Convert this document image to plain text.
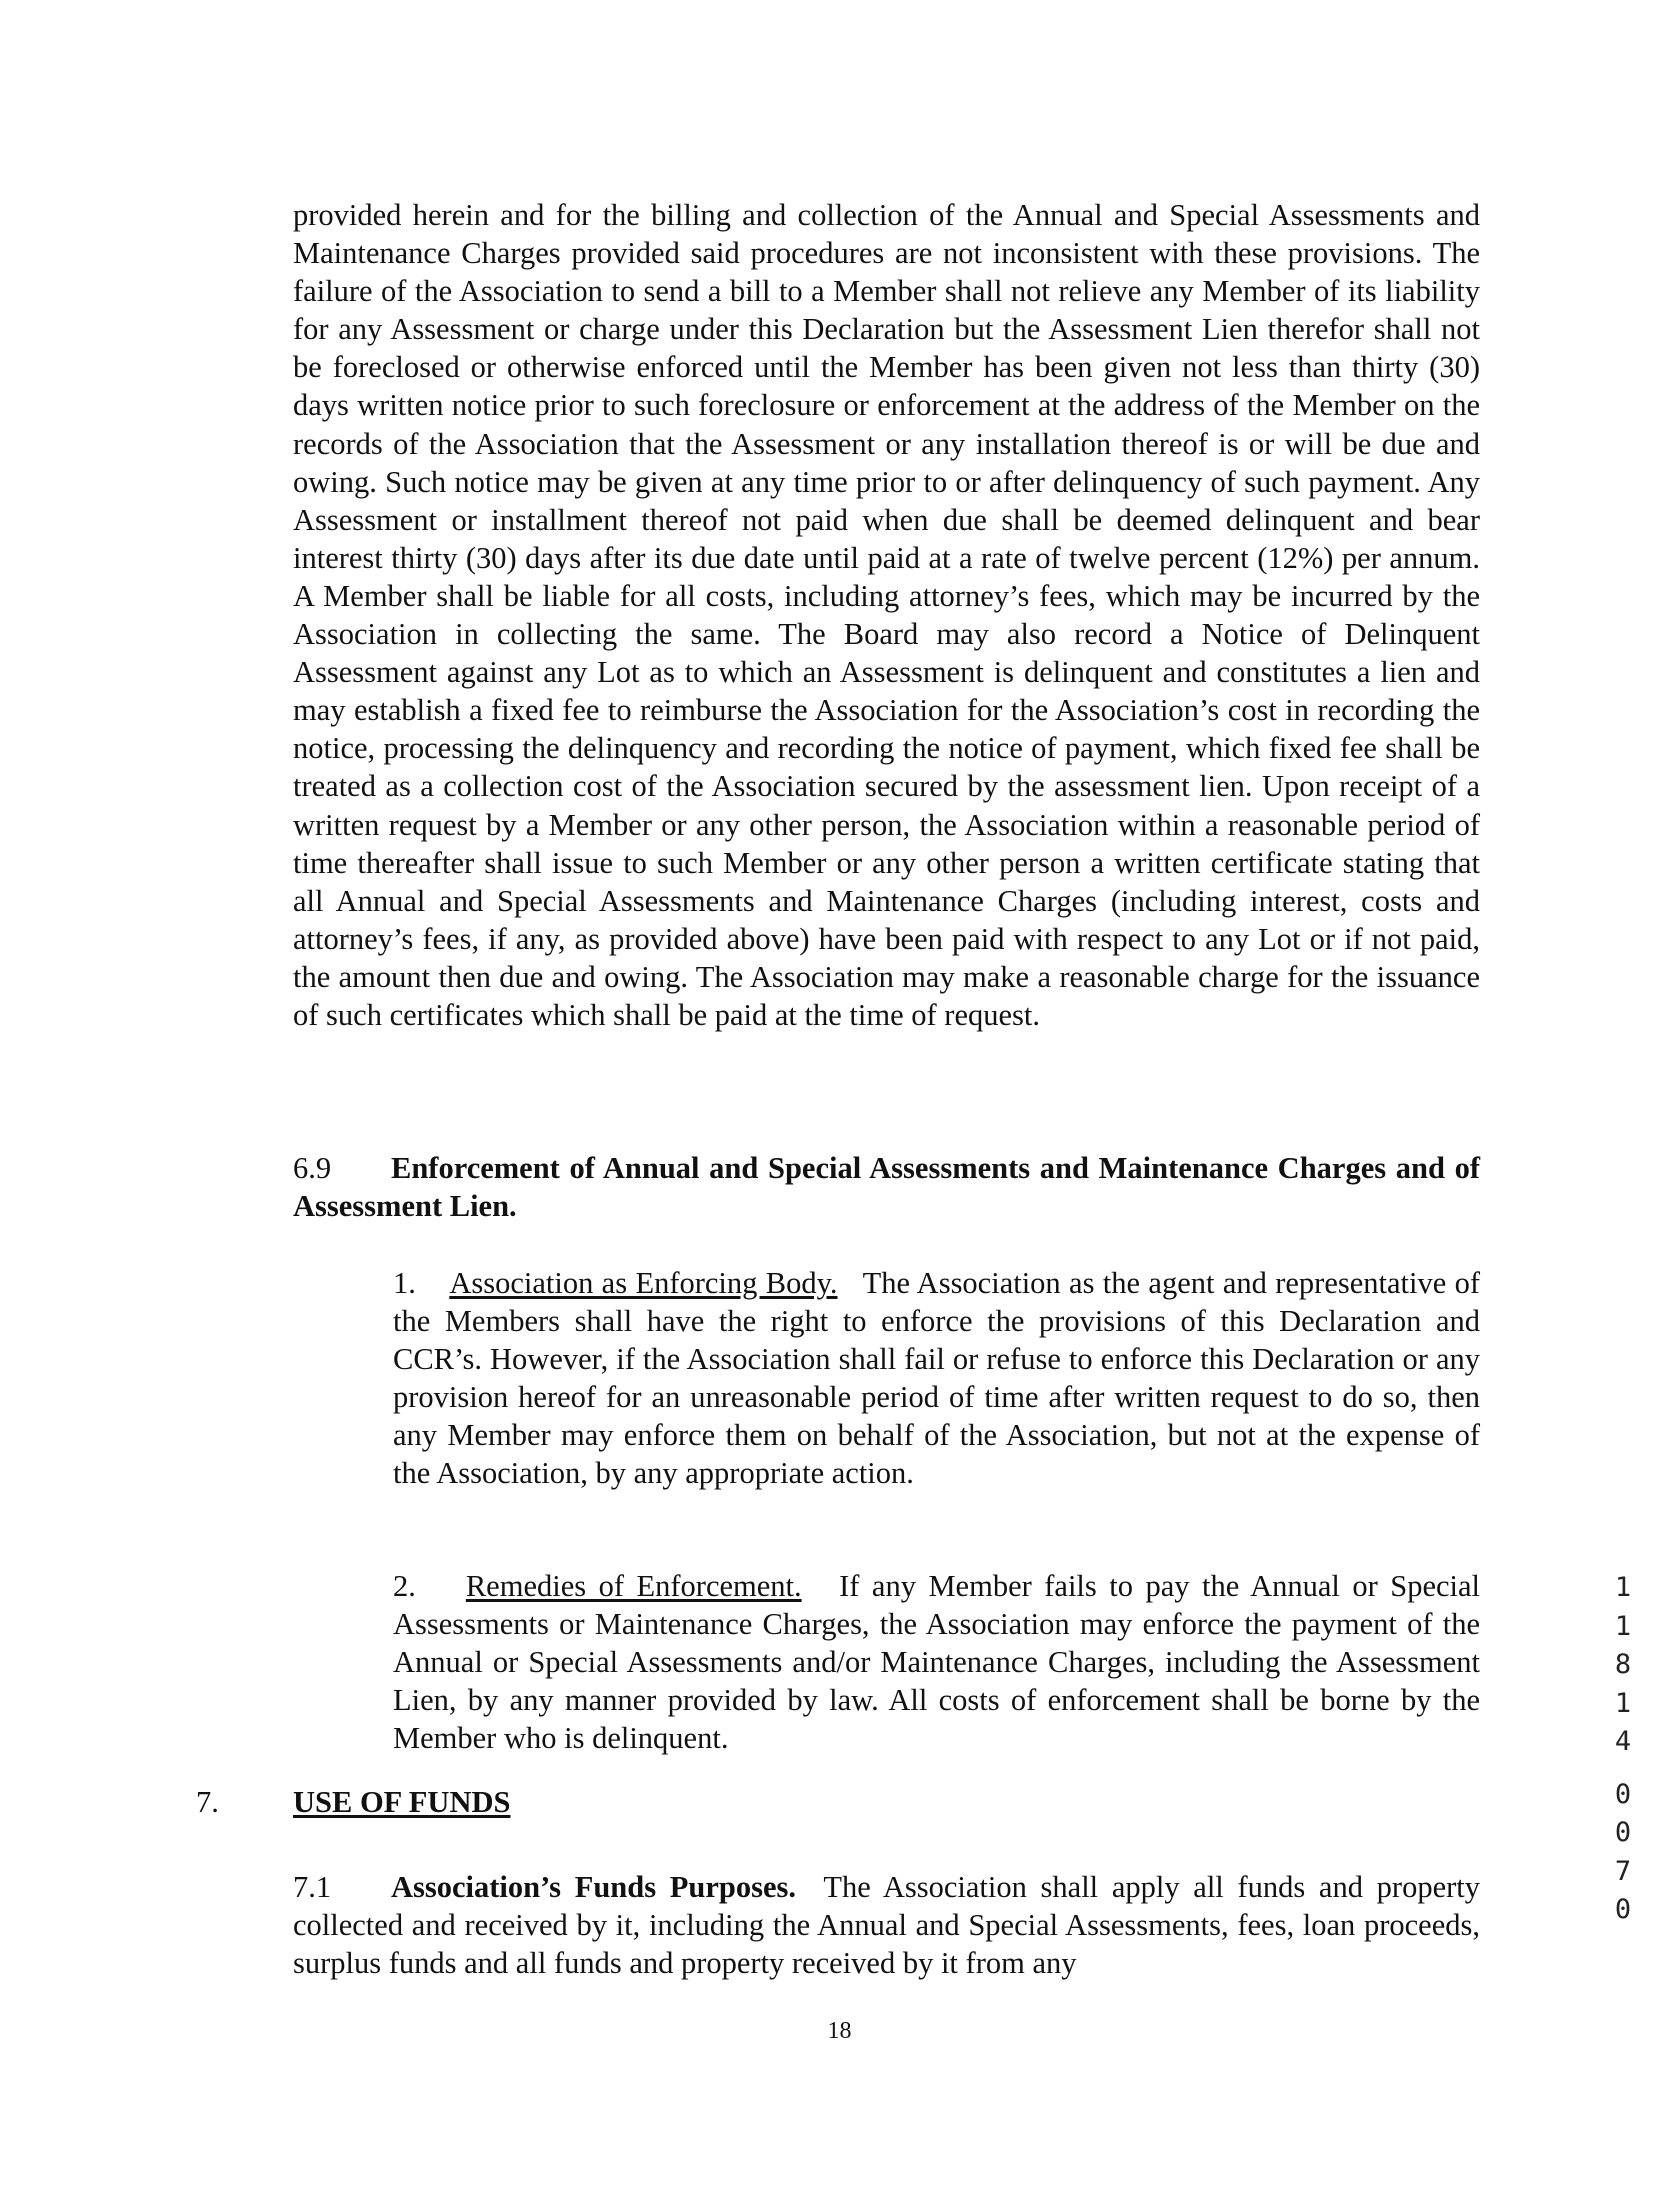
provided herein and for the billing and collection of the Annual and Special Assessments and Maintenance Charges provided said procedures are not inconsistent with these provisions. The failure of the Association to send a bill to a Member shall not relieve any Member of its liability for any Assessment or charge under this Declaration but the Assessment Lien therefor shall not be foreclosed or otherwise enforced until the Member has been given not less than thirty (30) days written notice prior to such foreclosure or enforcement at the address of the Member on the records of the Association that the Assessment or any installation thereof is or will be due and owing. Such notice may be given at any time prior to or after delinquency of such payment. Any Assessment or installment thereof not paid when due shall be deemed delinquent and bear interest thirty (30) days after its due date until paid at a rate of twelve percent (12%) per annum. A Member shall be liable for all costs, including attorney’s fees, which may be incurred by the Association in collecting the same. The Board may also record a Notice of Delinquent Assessment against any Lot as to which an Assessment is delinquent and constitutes a lien and may establish a fixed fee to reimburse the Association for the Association’s cost in recording the notice, processing the delinquency and recording the notice of payment, which fixed fee shall be treated as a collection cost of the Association secured by the assessment lien. Upon receipt of a written request by a Member or any other person, the Association within a reasonable period of time thereafter shall issue to such Member or any other person a written certificate stating that all Annual and Special Assessments and Maintenance Charges (including interest, costs and attorney’s fees, if any, as provided above) have been paid with respect to any Lot or if not paid, the amount then due and owing. The Association may make a reasonable charge for the issuance of such certificates which shall be paid at the time of request.

6.9 Enforcement of Annual and Special Assessments and Maintenance Charges and of Assessment Lien.

1. Association as Enforcing Body. The Association as the agent and representative of the Members shall have the right to enforce the provisions of this Declaration and CCR’s. However, if the Association shall fail or refuse to enforce this Declaration or any provision hereof for an unreasonable period of time after written request to do so, then any Member may enforce them on behalf of the Association, but not at the expense of the Association, by any appropriate action.

2. Remedies of Enforcement. If any Member fails to pay the Annual or Special Assessments or Maintenance Charges, the Association may enforce the payment of the Annual or Special Assessments and/or Maintenance Charges, including the Assessment Lien, by any manner provided by law. All costs of enforcement shall be borne by the Member who is delinquent.

7. USE OF FUNDS

7.1 Association’s Funds Purposes. The Association shall apply all funds and property collected and received by it, including the Annual and Special Assessments, fees, loan proceeds, surplus funds and all funds and property received by it from any

18

1
1
8
1
4
0
0
7
0
